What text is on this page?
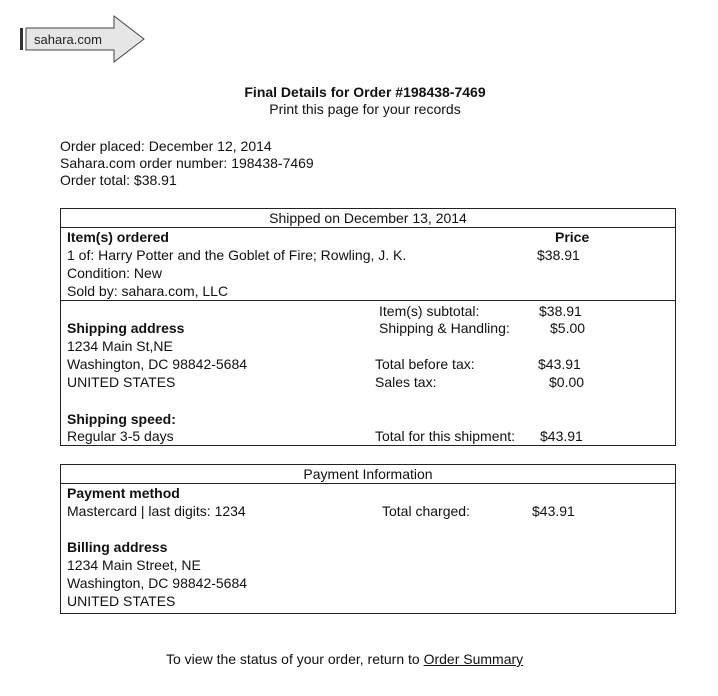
sahara.com
Final Details for Order #198438-7469
Print this page for your records
Order placed: December 12, 2014
Sahara.com order number: 198438-7469
Order total: $38.91
Shipped on December 13, 2014
Item(s) ordered	Price
1 of: Harry Potter and the Goblet of Fire; Rowling, J. K.	$38.91
Condition: New
Sold by: sahara.com, LLC
Item(s) subtotal:	$38.91
Shipping address	Shipping & Handling:	$5.00
1234 Main St,NE
Washington, DC 98842-5684	Total before tax:	$43.91
UNITED STATES	Sales tax:	$0.00
Shipping speed:
Regular 3-5 days	Total for this shipment: $43.91
Payment Information
Payment method
Mastercard | last digits: 1234	Total charged:	$43.91
Billing address
1234 Main Street, NE
Washington, DC 98842-5684
UNITED STATES
To view the status of your order, return to Order Summary
